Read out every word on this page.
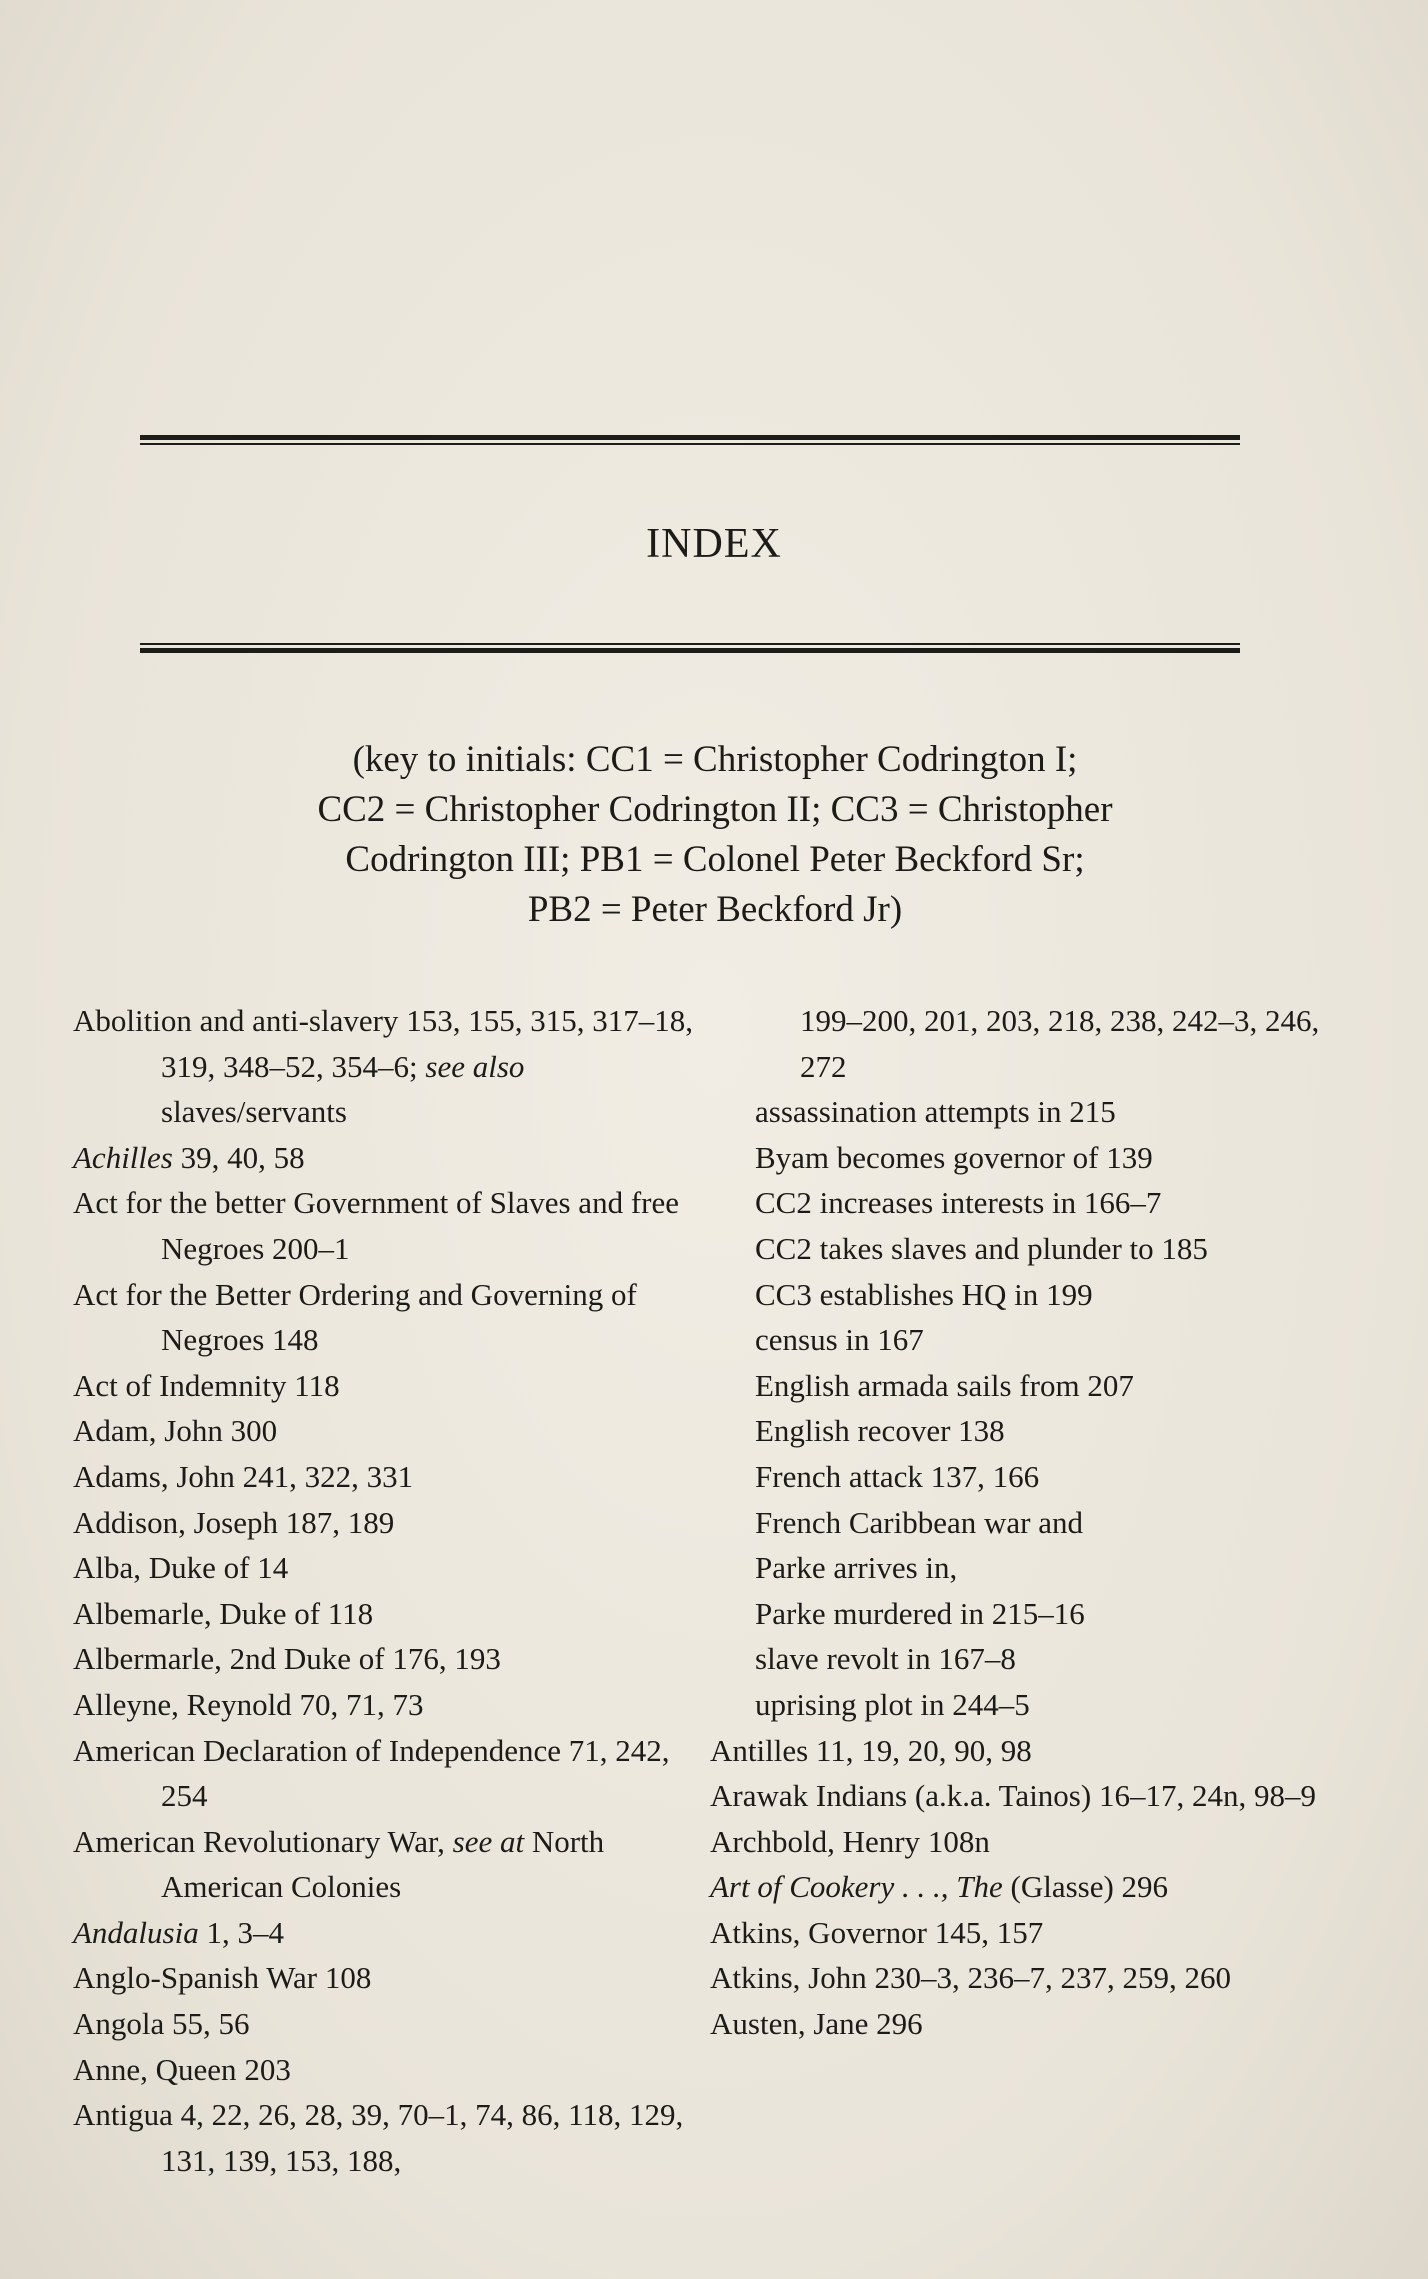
INDEX
(key to initials: CC1 = Christopher Codrington I;
CC2 = Christopher Codrington II; CC3 = Christopher
Codrington III; PB1 = Colonel Peter Beckford Sr;
PB2 = Peter Beckford Jr)

Abolition and anti-slavery 153, 155, 315, 317–18, 319, 348–52, 354–6; see also slaves/servants

Achilles 39, 40, 58

Act for the better Government of Slaves and free Negroes 200–1

Act for the Better Ordering and Governing of Negroes 148

Act of Indemnity 118

Adam, John 300

Adams, John 241, 322, 331

Addison, Joseph 187, 189

Alba, Duke of 14

Albemarle, Duke of 118

Albermarle, 2nd Duke of 176, 193

Alleyne, Reynold 70, 71, 73

American Declaration of Independence 71, 242, 254

American Revolutionary War, see at North American Colonies

Andalusia 1, 3–4

Anglo-Spanish War 108

Angola 55, 56

Anne, Queen 203

Antigua 4, 22, 26, 28, 39, 70–1, 74, 86, 118, 129, 131, 139, 153, 188,

199–200, 201, 203, 218, 238, 242–3, 246, 272

assassination attempts in 215

Byam becomes governor of 139

CC2 increases interests in 166–7

CC2 takes slaves and plunder to 185

CC3 establishes HQ in 199

census in 167

English armada sails from 207

English recover 138

French attack 137, 166

French Caribbean war and

Parke arrives in,

Parke murdered in 215–16

slave revolt in 167–8

uprising plot in 244–5

Antilles 11, 19, 20, 90, 98

Arawak Indians (a.k.a. Tainos) 16–17, 24n, 98–9

Archbold, Henry 108n

Art of Cookery . . ., The (Glasse) 296

Atkins, Governor 145, 157

Atkins, John 230–3, 236–7, 237, 259, 260

Austen, Jane 296
